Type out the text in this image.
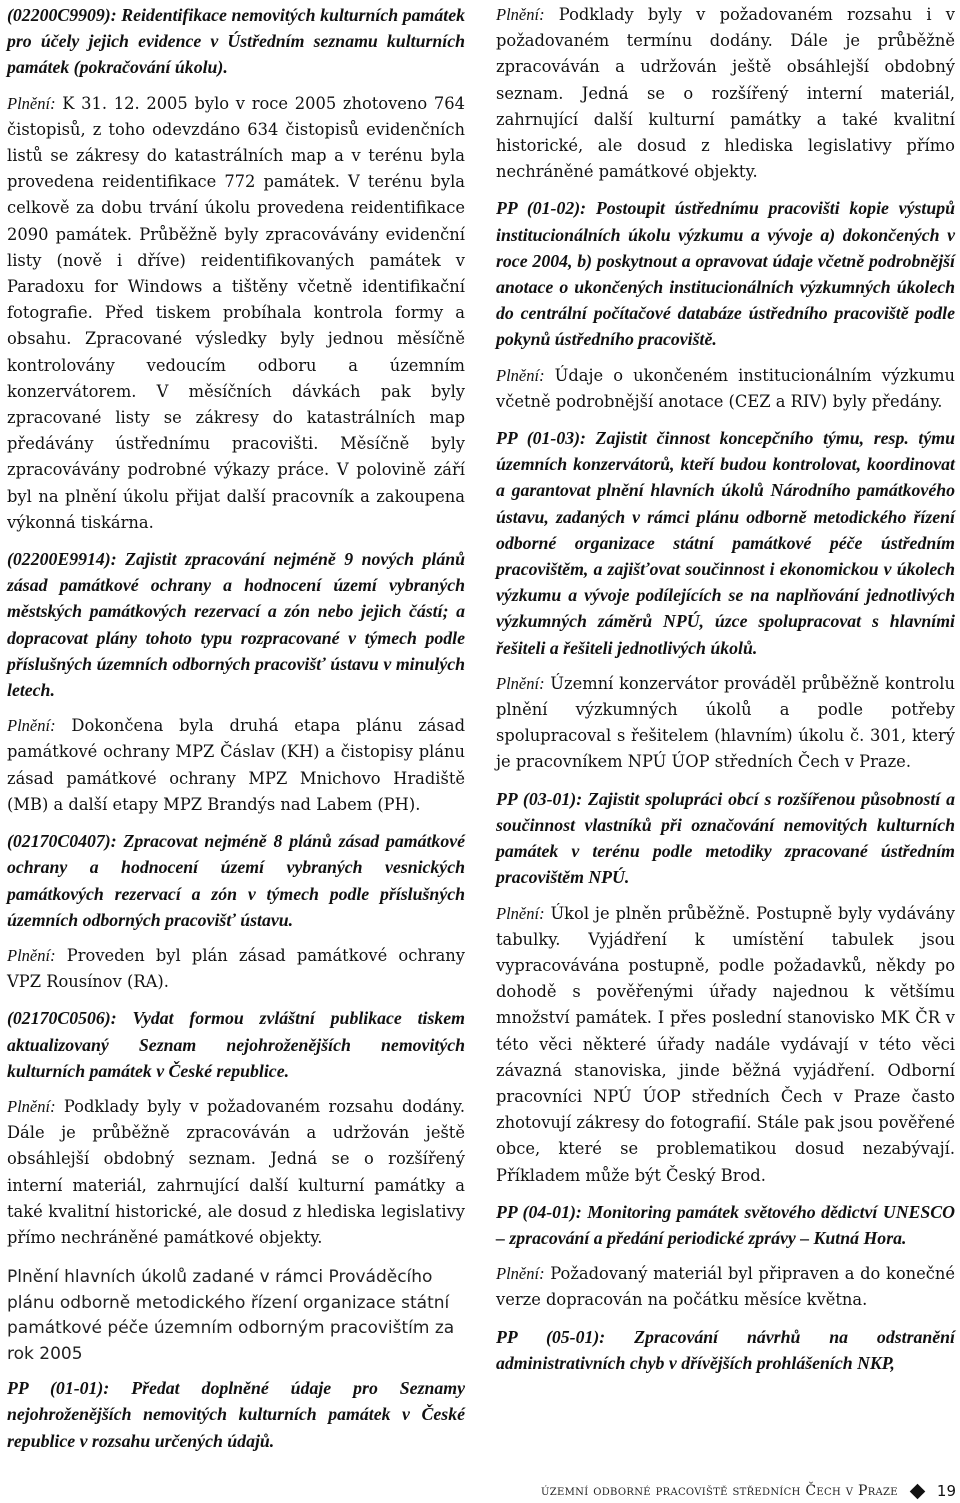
(02200C9909): Reidentifikace nemovitých kulturních památek pro účely jejich evidence v Ústředním seznamu kulturních památek (pokračování úkolu).
Plnění: K 31. 12. 2005 bylo v roce 2005 zhotoveno 764 čistopisů, z toho odevzdáno 634 čistopisů evidenčních listů se zákresy do katastrálních map a v terénu byla provedena reidentifikace 772 památek. V terénu byla celkově za dobu trvání úkolu provedena reidentifikace 2090 památek. Průběžně byly zpracovávány evidenční listy (nově i dříve) reidentifikovaných památek v Paradoxu for Windows a tištěny včetně identifikační fotografie. Před tiskem probíhala kontrola formy a obsahu. Zpracované výsledky byly jednou měsíčně kontrolovány vedoucím odboru a územním konzervátorem. V měsíčních dávkách pak byly zpracované listy se zákresy do katastrálních map předávány ústřednímu pracovišti. Měsíčně byly zpracovávány podrobné výkazy práce. V polovině září byl na plnění úkolu přijat další pracovník a zakoupena výkonná tiskárna.
(02200E9914): Zajistit zpracování nejméně 9 nových plánů zásad památkové ochrany a hodnocení území vybraných městských památkových rezervací a zón nebo jejich částí; a dopracovat plány tohoto typu rozpracované v týmech podle příslušných územních odborných pracovišť ústavu v minulých letech.
Plnění: Dokončena byla druhá etapa plánu zásad památkové ochrany MPZ Čáslav (KH) a čistopisy plánu zásad památkové ochrany MPZ Mnichovo Hradiště (MB) a další etapy MPZ Brandýs nad Labem (PH).
(02170C0407): Zpracovat nejméně 8 plánů zásad památkové ochrany a hodnocení území vybraných vesnických památkových rezervací a zón v týmech podle příslušných územních odborných pracovišť ústavu.
Plnění: Proveden byl plán zásad památkové ochrany VPZ Rousínov (RA).
(02170C0506): Vydat formou zvláštní publikace tiskem aktualizovaný Seznam nejohroženějších nemovitých kulturních památek v České republice.
Plnění: Podklady byly v požadovaném rozsahu dodány. Dále je průběžně zpracováván a udržován ještě obsáhlejší obdobný seznam. Jedná se o rozšířený interní materiál, zahrnující další kulturní památky a také kvalitní historické, ale dosud z hlediska legislativy přímo nechráněné památkové objekty.
Plnění hlavních úkolů zadané v rámci Prováděcího plánu odborně metodického řízení organizace státní památkové péče územním odborným pracovištím za rok 2005
PP (01-01): Předat doplněné údaje pro Seznamy nejohroženějších nemovitých kulturních památek v České republice v rozsahu určených údajů.
Plnění: Podklady byly v požadovaném rozsahu i v požadovaném termínu dodány. Dále je průběžně zpracováván a udržován ještě obsáhlejší obdobný seznam. Jedná se o rozšířený interní materiál, zahrnující další kulturní památky a také kvalitní historické, ale dosud z hlediska legislativy přímo nechráněné památkové objekty.
PP (01-02): Postoupit ústřednímu pracovišti kopie výstupů institucionálních úkolu výzkumu a vývoje a) dokončených v roce 2004, b) poskytnout a opravovat údaje včetně podrobnější anotace o ukončených institucionálních výzkumných úkolech do centrální počítačové databáze ústředního pracoviště podle pokynů ústředního pracoviště.
Plnění: Údaje o ukončeném institucionálním výzkumu včetně podrobnější anotace (CEZ a RIV) byly předány.
PP (01-03): Zajistit činnost koncepčního týmu, resp. týmu územních konzervátorů, kteří budou kontrolovat, koordinovat a garantovat plnění hlavních úkolů Národního památkového ústavu, zadaných v rámci plánu odborně metodického řízení odborné organizace státní památkové péče ústředním pracovištěm, a zajišťovat součinnost i ekonomickou v úkolech výzkumu a vývoje podílejících se na naplňování jednotlivých výzkumných záměrů NPÚ, úzce spolupracovat s hlavními řešiteli a řešiteli jednotlivých úkolů.
Plnění: Územní konzervátor prováděl průběžně kontrolu plnění výzkumných úkolů a podle potřeby spolupracoval s řešitelem (hlavním) úkolu č. 301, který je pracovníkem NPÚ ÚOP středních Čech v Praze.
PP (03-01): Zajistit spolupráci obcí s rozšířenou působností a součinnost vlastníků při označování nemovitých kulturních památek v terénu podle metodiky zpracované ústředním pracovištěm NPÚ.
Plnění: Úkol je plněn průběžně. Postupně byly vydávány tabulky. Vyjádření k umístění tabulek jsou vypracovávána postupně, podle požadavků, někdy po dohodě s pověřenými úřady najednou k většímu množství památek. I přes poslední stanovisko MK ČR v této věci některé úřady nadále vydávají v této věci závazná stanoviska, jinde běžná vyjádření. Odborní pracovníci NPÚ ÚOP středních Čech v Praze často zhotovují zákresy do fotografií. Stále pak jsou pověřené obce, které se problematikou dosud nezabývají. Příkladem může být Český Brod.
PP (04-01): Monitoring památek světového dědictví UNESCO – zpracování a předání periodické zprávy – Kutná Hora.
Plnění: Požadovaný materiál byl připraven a do konečné verze dopracován na počátku měsíce května.
PP (05-01): Zpracování návrhů na odstranění administrativních chyb v dřívějších prohlášeních NKP,
územní odborné pracoviště středních Čech v Praze	19
